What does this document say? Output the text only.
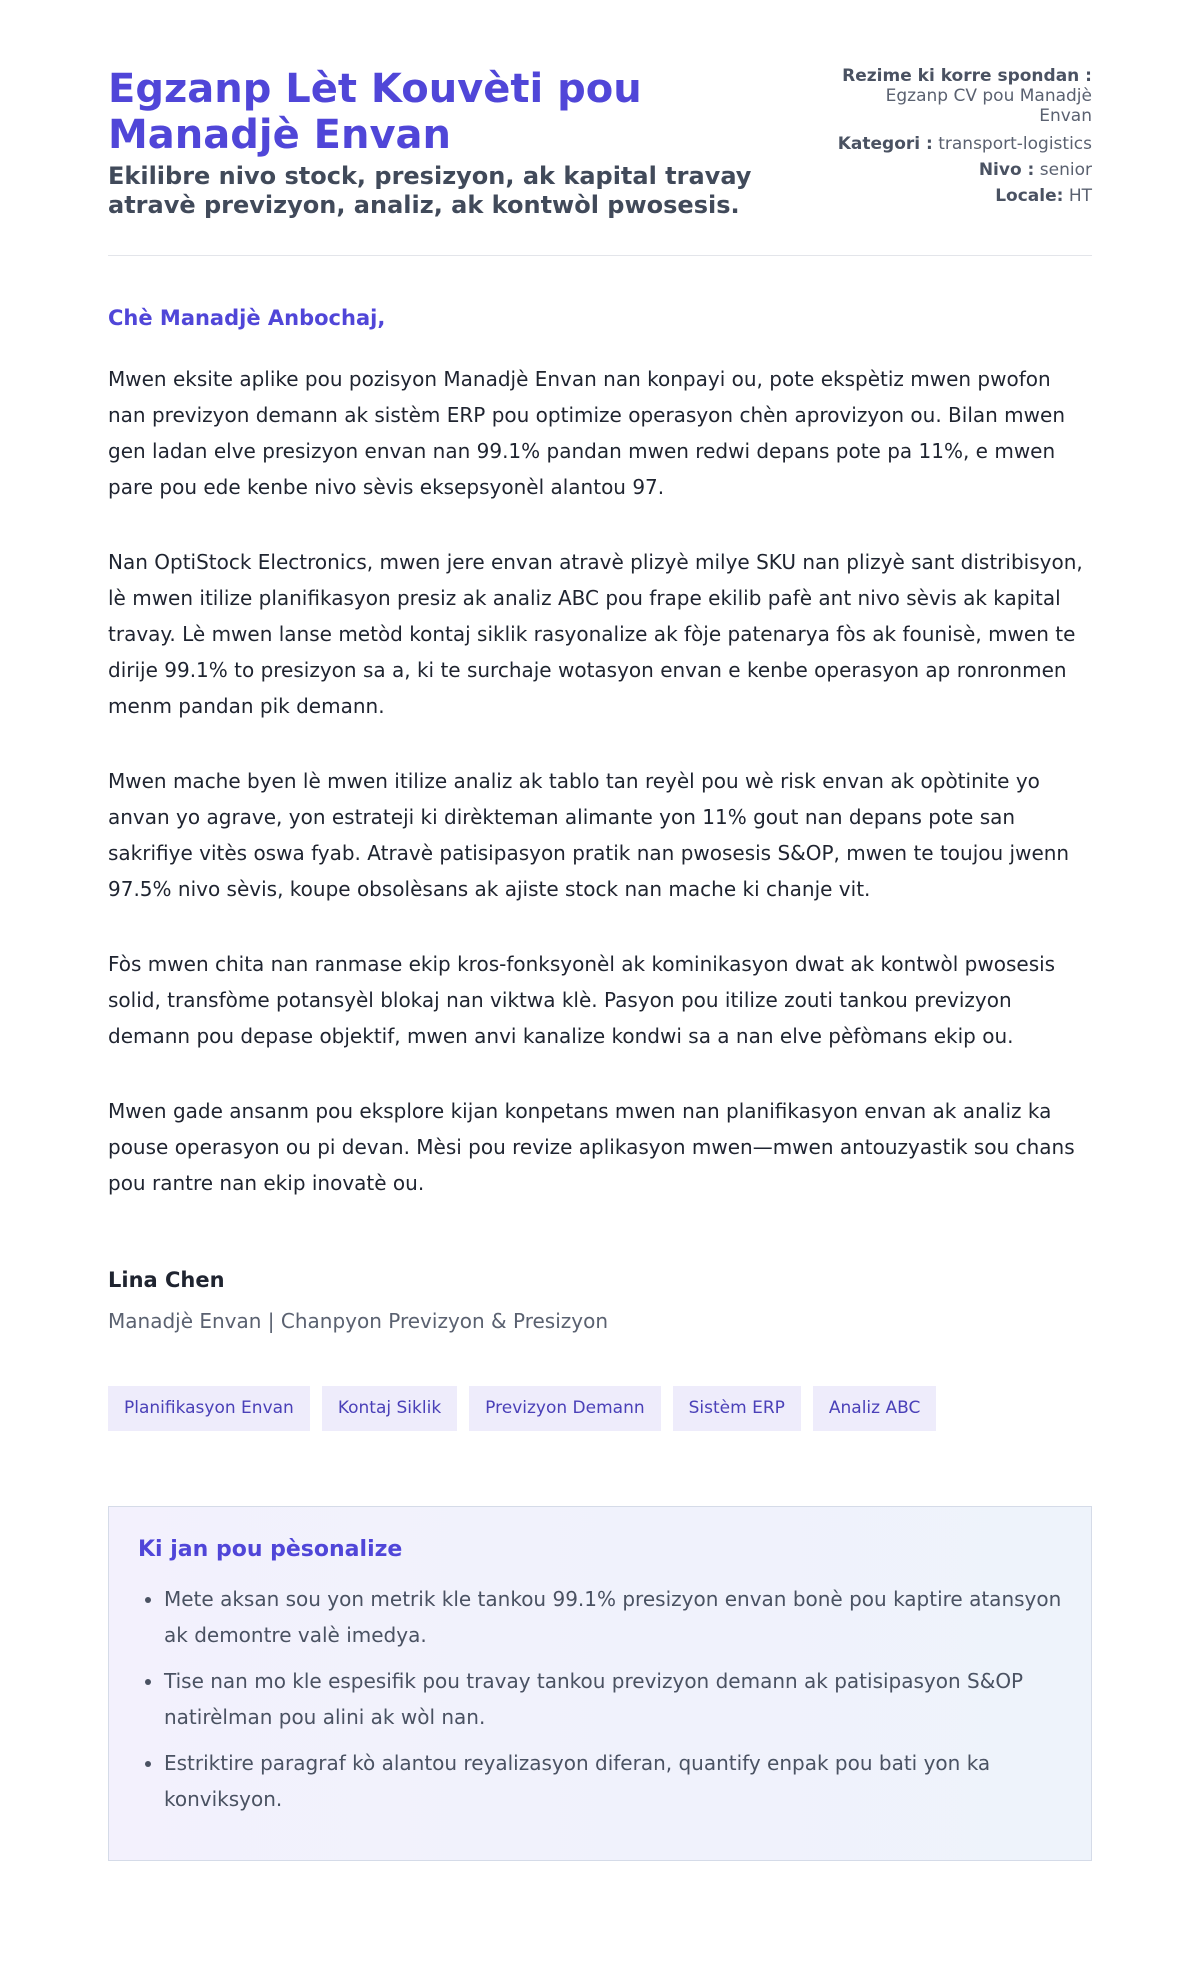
Egzanp Lèt Kouvèti pou Manadjè Envan
Ekilibre nivo stock, presizyon, ak kapital travay atravè previzyon, analiz, ak kontwòl pwosesis.
Rezime ki korre spondan :
Egzanp CV pou Manadjè Envan
Kategori : transport-logistics
Nivo : senior
Locale: HT
Chè Manadjè Anbochaj,

Mwen eksite aplike pou pozisyon Manadjè Envan nan konpayi ou, pote ekspètiz mwen pwofon nan previzyon demann ak sistèm ERP pou optimize operasyon chèn aprovizyon ou. Bilan mwen gen ladan elve presizyon envan nan 99.1% pandan mwen redwi depans pote pa 11%, e mwen pare pou ede kenbe nivo sèvis eksepsyonèl alantou 97.

Nan OptiStock Electronics, mwen jere envan atravè plizyè milye SKU nan plizyè sant distribisyon, lè mwen itilize planifikasyon presiz ak analiz ABC pou frape ekilib pafè ant nivo sèvis ak kapital travay. Lè mwen lanse metòd kontaj siklik rasyonalize ak fòje patenarya fòs ak founisè, mwen te dirije 99.1% to presizyon sa a, ki te surchaje wotasyon envan e kenbe operasyon ap ronronmen menm pandan pik demann.

Mwen mache byen lè mwen itilize analiz ak tablo tan reyèl pou wè risk envan ak opòtinite yo anvan yo agrave, yon estrateji ki dirèkteman alimante yon 11% gout nan depans pote san sakrifiye vitès oswa fyab. Atravè patisipasyon pratik nan pwosesis S&OP, mwen te toujou jwenn 97.5% nivo sèvis, koupe obsolèsans ak ajiste stock nan mache ki chanje vit.

Fòs mwen chita nan ranmase ekip kros-fonksyonèl ak kominikasyon dwat ak kontwòl pwosesis solid, transfòme potansyèl blokaj nan viktwa klè. Pasyon pou itilize zouti tankou previzyon demann pou depase objektif, mwen anvi kanalize kondwi sa a nan elve pèfòmans ekip ou.

Mwen gade ansanm pou eksplore kijan konpetans mwen nan planifikasyon envan ak analiz ka pouse operasyon ou pi devan. Mèsi pou revize aplikasyon mwen—mwen antouzyastik sou chans pou rantre nan ekip inovatè ou.

Lina Chen

Manadjè Envan | Chanpyon Previzyon & Presizyon

Planifikasyon Envan	Kontaj Siklik	Previzyon Demann	Sistèm ERP	Analiz ABC
Ki jan pou pèsonalize
• Mete aksan sou yon metrik kle tankou 99.1% presizyon envan bonè pou kaptire atansyon ak demontre valè imedya.
• Tise nan mo kle espesifik pou travay tankou previzyon demann ak patisipasyon S&OP natirèlman pou alini ak wòl nan.
• Estriktire paragraf kò alantou reyalizasyon diferan, quantify enpak pou bati yon ka konviksyon.
